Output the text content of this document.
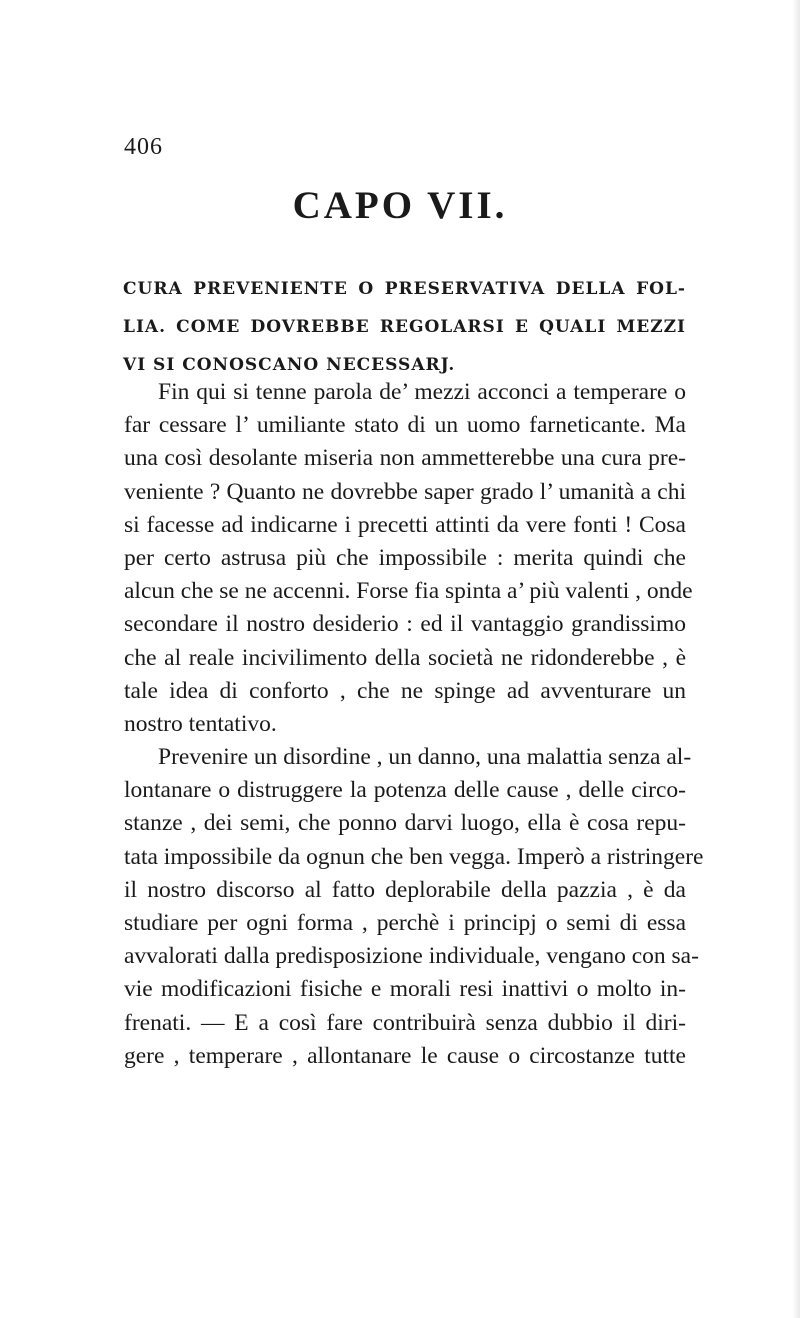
406
CAPO VII.
CURA PREVENIENTE O PRESERVATIVA DELLA FOL-
LIA. COME DOVREBBE REGOLARSI E QUALI MEZZI
VI SI CONOSCANO NECESSARJ.
Fin qui si tenne parola de’ mezzi acconci a temperare o
far cessare l’ umiliante stato di un uomo farneticante. Ma
una così desolante miseria non ammetterebbe una cura pre-
veniente ? Quanto ne dovrebbe saper grado l’ umanità a chi
si facesse ad indicarne i precetti attinti da vere fonti ! Cosa
per certo astrusa più che impossibile : merita quindi che
alcun che se ne accenni. Forse fia spinta a’ più valenti , onde
secondare il nostro desiderio : ed il vantaggio grandissimo
che al reale incivilimento della società ne ridonderebbe , è
tale idea di conforto , che ne spinge ad avventurare un
nostro tentativo.
Prevenire un disordine , un danno, una malattia senza al-
lontanare o distruggere la potenza delle cause , delle circo-
stanze , dei semi, che ponno darvi luogo, ella è cosa repu-
tata impossibile da ognun che ben vegga. Imperò a ristringere
il nostro discorso al fatto deplorabile della pazzia , è da
studiare per ogni forma , perchè i principj o semi di essa
avvalorati dalla predisposizione individuale, vengano con sa-
vie modificazioni fisiche e morali resi inattivi o molto in-
frenati. — E a così fare contribuirà senza dubbio il diri-
gere , temperare , allontanare le cause o circostanze tutte
